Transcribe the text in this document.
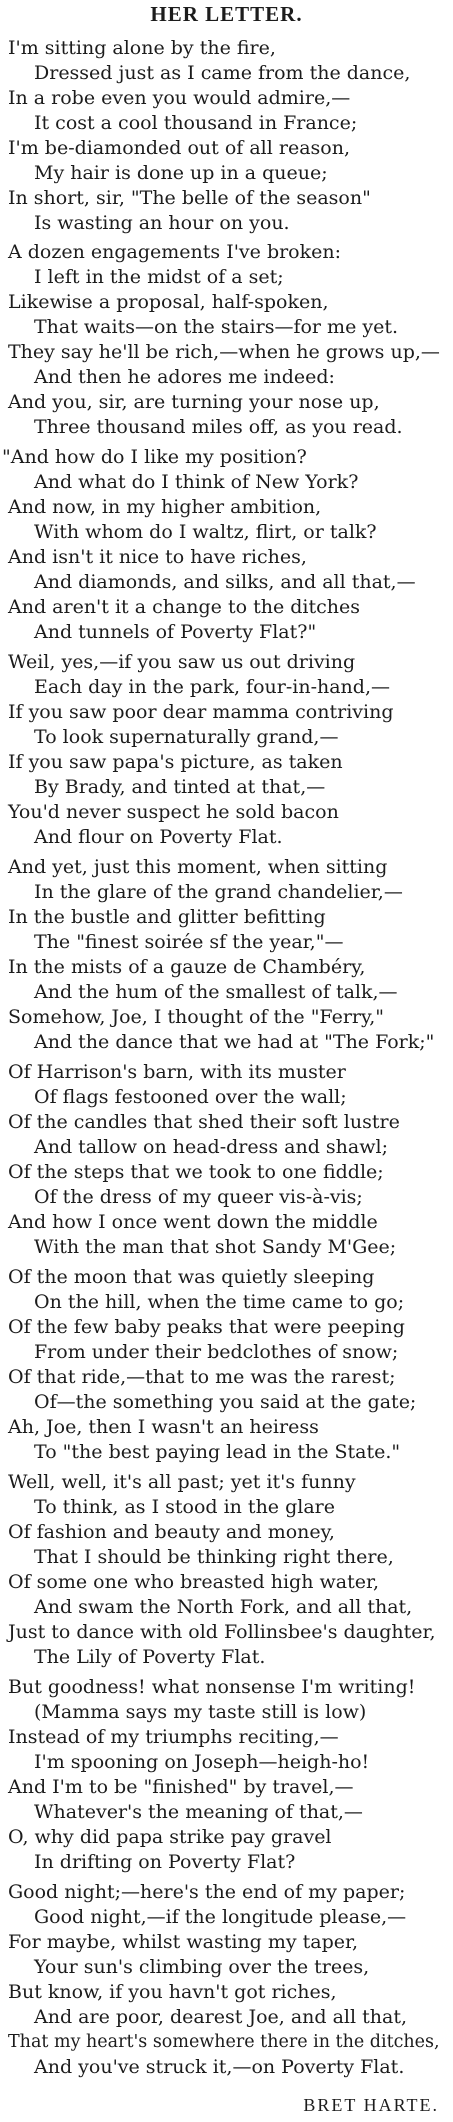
HER LETTER.
I'm sitting alone by the fire,
Dressed just as I came from the dance,
In a robe even you would admire,—
It cost a cool thousand in France;
I'm be-diamonded out of all reason,
My hair is done up in a queue;
In short, sir, "The belle of the season"
Is wasting an hour on you.
A dozen engagements I've broken:
I left in the midst of a set;
Likewise a proposal, half-spoken,
That waits—on the stairs—for me yet.
They say he'll be rich,—when he grows up,—
And then he adores me indeed:
And you, sir, are turning your nose up,
Three thousand miles off, as you read.
"And how do I like my position?
And what do I think of New York?
And now, in my higher ambition,
With whom do I waltz, flirt, or talk?
And isn't it nice to have riches,
And diamonds, and silks, and all that,—
And aren't it a change to the ditches
And tunnels of Poverty Flat?"
Weil, yes,—if you saw us out driving
Each day in the park, four-in-hand,—
If you saw poor dear mamma contriving
To look supernaturally grand,—
If you saw papa's picture, as taken
By Brady, and tinted at that,—
You'd never suspect he sold bacon
And flour on Poverty Flat.
And yet, just this moment, when sitting
In the glare of the grand chandelier,—
In the bustle and glitter befitting
The "finest soirée sf the year,"—
In the mists of a gauze de Chambéry,
And the hum of the smallest of talk,—
Somehow, Joe, I thought of the "Ferry,"
And the dance that we had at "The Fork;"
Of Harrison's barn, with its muster
Of flags festooned over the wall;
Of the candles that shed their soft lustre
And tallow on head-dress and shawl;
Of the steps that we took to one fiddle;
Of the dress of my queer vis-à-vis;
And how I once went down the middle
With the man that shot Sandy M'Gee;
Of the moon that was quietly sleeping
On the hill, when the time came to go;
Of the few baby peaks that were peeping
From under their bedclothes of snow;
Of that ride,—that to me was the rarest;
Of—the something you said at the gate;
Ah, Joe, then I wasn't an heiress
To "the best paying lead in the State."
Well, well, it's all past; yet it's funny
To think, as I stood in the glare
Of fashion and beauty and money,
That I should be thinking right there,
Of some one who breasted high water,
And swam the North Fork, and all that,
Just to dance with old Follinsbee's daughter,
The Lily of Poverty Flat.
But goodness! what nonsense I'm writing!
(Mamma says my taste still is low)
Instead of my triumphs reciting,—
I'm spooning on Joseph—heigh-ho!
And I'm to be "finished" by travel,—
Whatever's the meaning of that,—
O, why did papa strike pay gravel
In drifting on Poverty Flat?
Good night;—here's the end of my paper;
Good night,—if the longitude please,—
For maybe, whilst wasting my taper,
Your sun's climbing over the trees,
But know, if you havn't got riches,
And are poor, dearest Joe, and all that,
That my heart's somewhere there in the ditches,
And you've struck it,—on Poverty Flat.
BRET HARTE.
